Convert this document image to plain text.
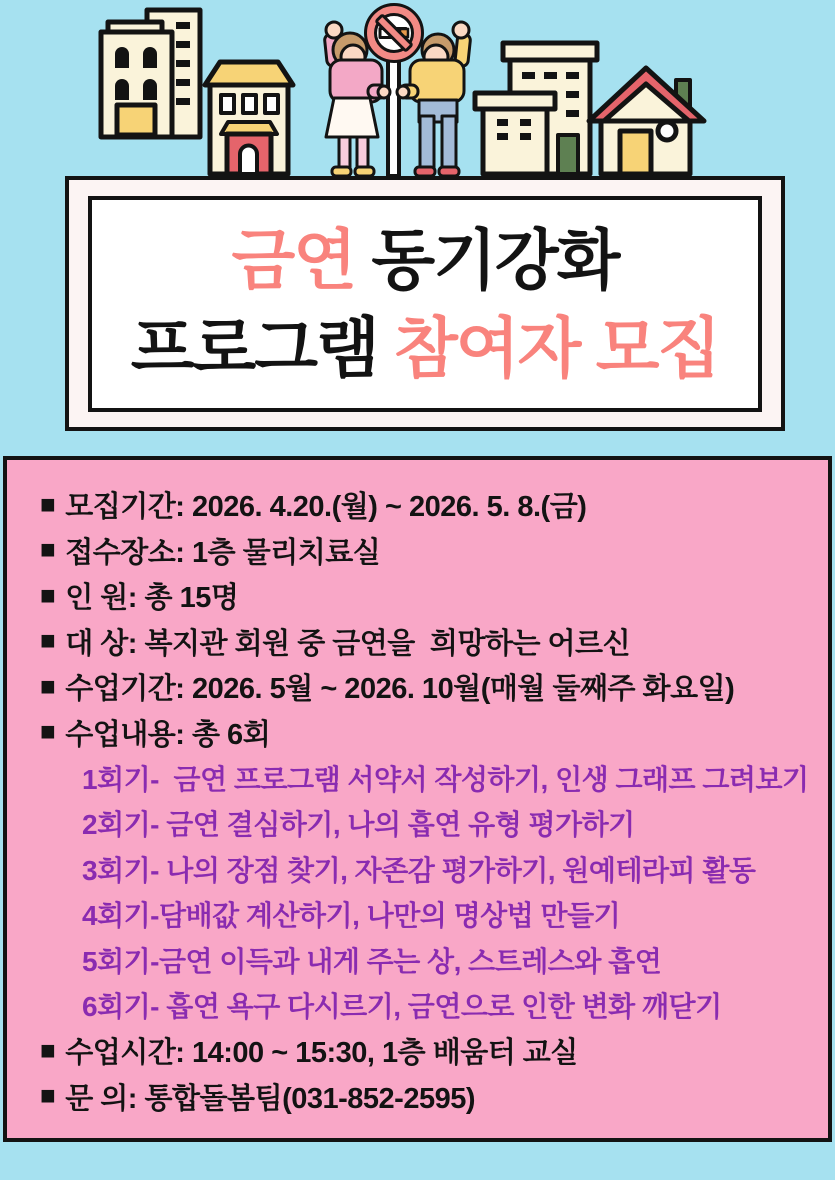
금연 동기강화
프로그램 참여자 모집
■ 모집기간: 2026. 4.20.(월) ~ 2026. 5. 8.(금)
■ 접수장소: 1층 물리치료실
■ 인 원: 총 15명
■ 대 상: 복지관 회원 중 금연을  희망하는 어르신
■ 수업기간: 2026. 5월 ~ 2026. 10월(매월 둘째주 화요일)
■ 수업내용: 총 6회
1회기-  금연 프로그램 서약서 작성하기, 인생 그래프 그려보기
2회기- 금연 결심하기, 나의 흡연 유형 평가하기
3회기- 나의 장점 찾기, 자존감 평가하기, 원예테라피 활동
4회기-담배값 계산하기, 나만의 명상법 만들기
5회기-금연 이득과 내게 주는 상, 스트레스와 흡연
6회기- 흡연 욕구 다시르기, 금연으로 인한 변화 깨닫기
■ 수업시간: 14:00 ~ 15:30, 1층 배움터 교실
■ 문 의: 통합돌봄팀(031-852-2595)
